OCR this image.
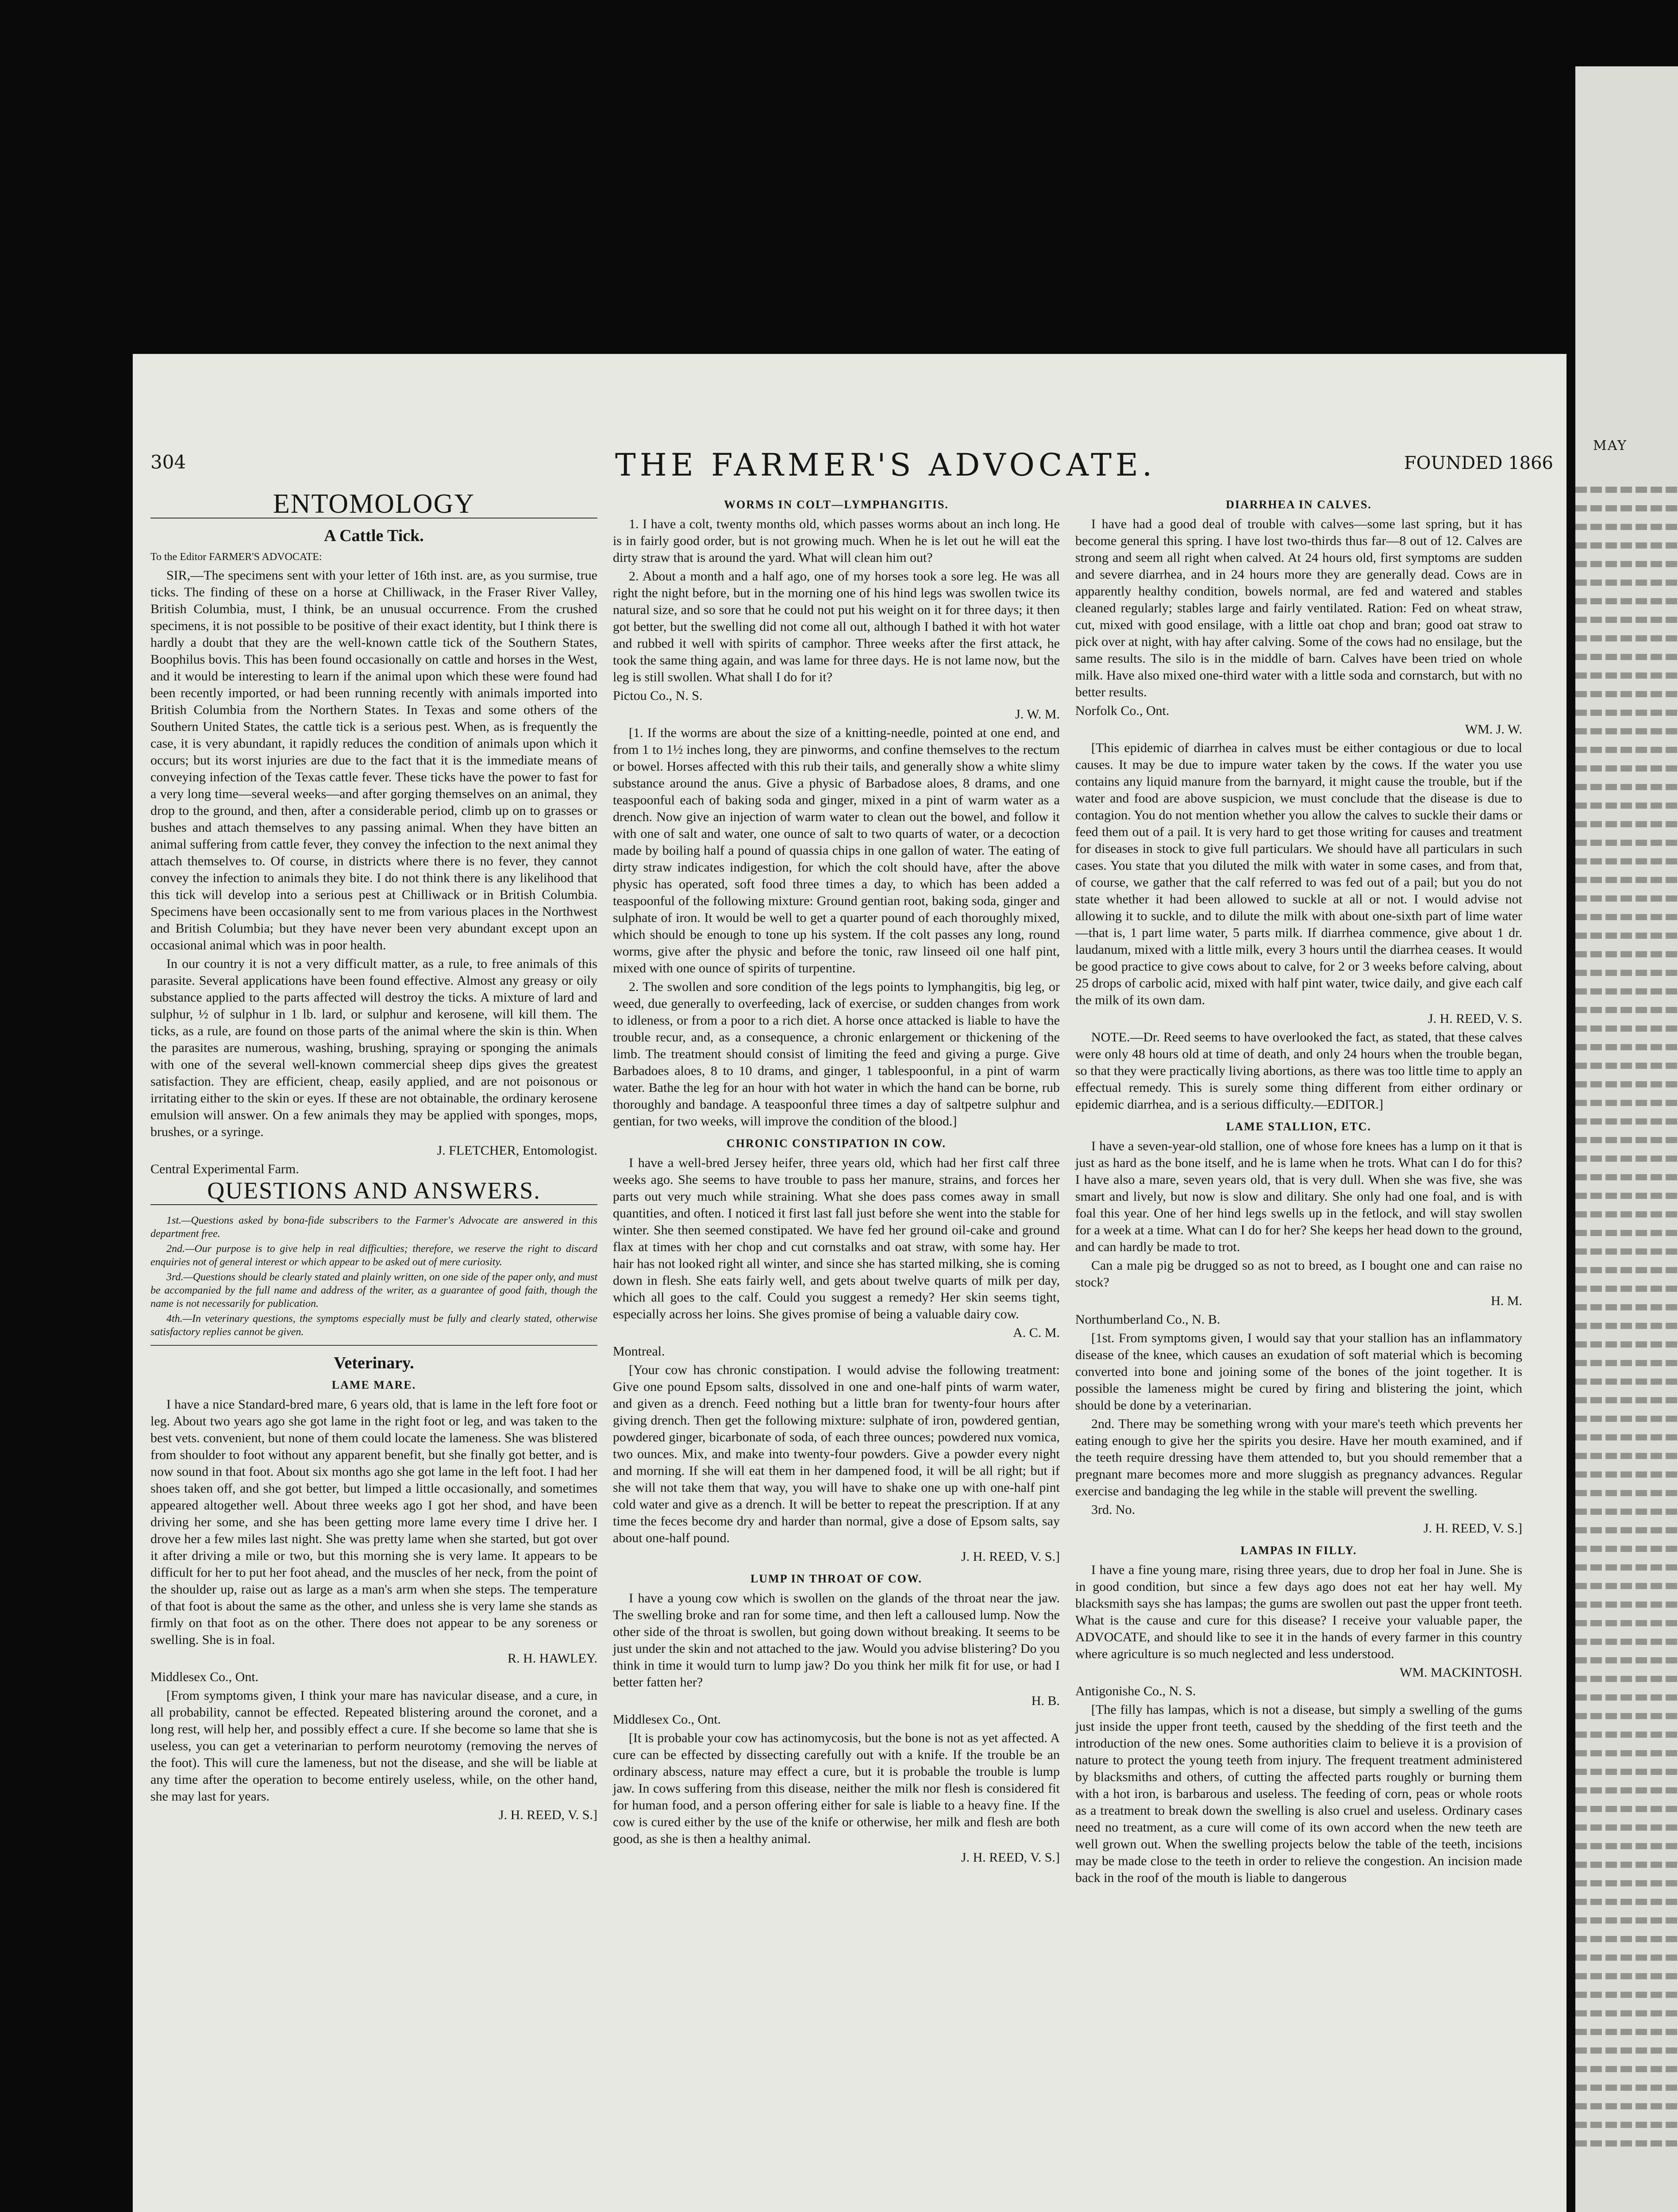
MAY
304	THE FARMER'S ADVOCATE.	FOUNDED 1866
ENTOMOLOGY
A Cattle Tick.

To the Editor FARMER'S ADVOCATE:

SIR,—The specimens sent with your letter of 16th inst. are, as you surmise, true ticks. The finding of these on a horse at Chilliwack, in the Fraser River Valley, British Columbia, must, I think, be an unusual occurrence. From the crushed specimens, it is not possible to be positive of their exact identity, but I think there is hardly a doubt that they are the well-known cattle tick of the Southern States, Boophilus bovis. This has been found occasionally on cattle and horses in the West, and it would be interesting to learn if the animal upon which these were found had been recently imported, or had been running recently with animals imported into British Columbia from the Northern States. In Texas and some others of the Southern United States, the cattle tick is a serious pest. When, as is frequently the case, it is very abundant, it rapidly reduces the condition of animals upon which it occurs; but its worst injuries are due to the fact that it is the immediate means of conveying infection of the Texas cattle fever. These ticks have the power to fast for a very long time—several weeks—and after gorging themselves on an animal, they drop to the ground, and then, after a considerable period, climb up on to grasses or bushes and attach themselves to any passing animal. When they have bitten an animal suffering from cattle fever, they convey the infection to the next animal they attach themselves to. Of course, in districts where there is no fever, they cannot convey the infection to animals they bite. I do not think there is any likelihood that this tick will develop into a serious pest at Chilliwack or in British Columbia. Specimens have been occasionally sent to me from various places in the Northwest and British Columbia; but they have never been very abundant except upon an occasional animal which was in poor health.

In our country it is not a very difficult matter, as a rule, to free animals of this parasite. Several applications have been found effective. Almost any greasy or oily substance applied to the parts affected will destroy the ticks. A mixture of lard and sulphur, ½ of sulphur in 1 lb. lard, or sulphur and kerosene, will kill them. The ticks, as a rule, are found on those parts of the animal where the skin is thin. When the parasites are numerous, washing, brushing, spraying or sponging the animals with one of the several well-known commercial sheep dips gives the greatest satisfaction. They are efficient, cheap, easily applied, and are not poisonous or irritating either to the skin or eyes. If these are not obtainable, the ordinary kerosene emulsion will answer. On a few animals they may be applied with sponges, mops, brushes, or a syringe.

J. FLETCHER, Entomologist.

Central Experimental Farm.

QUESTIONS AND ANSWERS.

1st.—Questions asked by bona-fide subscribers to the Farmer's Advocate are answered in this department free.

2nd.—Our purpose is to give help in real difficulties; therefore, we reserve the right to discard enquiries not of general interest or which appear to be asked out of mere curiosity.

3rd.—Questions should be clearly stated and plainly written, on one side of the paper only, and must be accompanied by the full name and address of the writer, as a guarantee of good faith, though the name is not necessarily for publication.

4th.—In veterinary questions, the symptoms especially must be fully and clearly stated, otherwise satisfactory replies cannot be given.

Veterinary.
LAME MARE.

I have a nice Standard-bred mare, 6 years old, that is lame in the left fore foot or leg. About two years ago she got lame in the right foot or leg, and was taken to the best vets. convenient, but none of them could locate the lameness. She was blistered from shoulder to foot without any apparent benefit, but she finally got better, and is now sound in that foot. About six months ago she got lame in the left foot. I had her shoes taken off, and she got better, but limped a little occasionally, and sometimes appeared altogether well. About three weeks ago I got her shod, and have been driving her some, and she has been getting more lame every time I drive her. I drove her a few miles last night. She was pretty lame when she started, but got over it after driving a mile or two, but this morning she is very lame. It appears to be difficult for her to put her foot ahead, and the muscles of her neck, from the point of the shoulder up, raise out as large as a man's arm when she steps. The temperature of that foot is about the same as the other, and unless she is very lame she stands as firmly on that foot as on the other. There does not appear to be any soreness or swelling. She is in foal.

R. H. HAWLEY.

Middlesex Co., Ont.

[From symptoms given, I think your mare has navicular disease, and a cure, in all probability, cannot be effected. Repeated blistering around the coronet, and a long rest, will help her, and possibly effect a cure. If she become so lame that she is useless, you can get a veterinarian to perform neurotomy (removing the nerves of the foot). This will cure the lameness, but not the disease, and she will be liable at any time after the operation to become entirely useless, while, on the other hand, she may last for years.

J. H. REED, V. S.]

WORMS IN COLT—LYMPHANGITIS.

1. I have a colt, twenty months old, which passes worms about an inch long. He is in fairly good order, but is not growing much. When he is let out he will eat the dirty straw that is around the yard. What will clean him out?

2. About a month and a half ago, one of my horses took a sore leg. He was all right the night before, but in the morning one of his hind legs was swollen twice its natural size, and so sore that he could not put his weight on it for three days; it then got better, but the swelling did not come all out, although I bathed it with hot water and rubbed it well with spirits of camphor. Three weeks after the first attack, he took the same thing again, and was lame for three days. He is not lame now, but the leg is still swollen. What shall I do for it?

Pictou Co., N. S.

J. W. M.

[1. If the worms are about the size of a knitting-needle, pointed at one end, and from 1 to 1½ inches long, they are pinworms, and confine themselves to the rectum or bowel. Horses affected with this rub their tails, and generally show a white slimy substance around the anus. Give a physic of Barbadose aloes, 8 drams, and one teaspoonful each of baking soda and ginger, mixed in a pint of warm water as a drench. Now give an injection of warm water to clean out the bowel, and follow it with one of salt and water, one ounce of salt to two quarts of water, or a decoction made by boiling half a pound of quassia chips in one gallon of water. The eating of dirty straw indicates indigestion, for which the colt should have, after the above physic has operated, soft food three times a day, to which has been added a teaspoonful of the following mixture: Ground gentian root, baking soda, ginger and sulphate of iron. It would be well to get a quarter pound of each thoroughly mixed, which should be enough to tone up his system. If the colt passes any long, round worms, give after the physic and before the tonic, raw linseed oil one half pint, mixed with one ounce of spirits of turpentine.

2. The swollen and sore condition of the legs points to lymphangitis, big leg, or weed, due generally to overfeeding, lack of exercise, or sudden changes from work to idleness, or from a poor to a rich diet. A horse once attacked is liable to have the trouble recur, and, as a consequence, a chronic enlargement or thickening of the limb. The treatment should consist of limiting the feed and giving a purge. Give Barbadoes aloes, 8 to 10 drams, and ginger, 1 tablespoonful, in a pint of warm water. Bathe the leg for an hour with hot water in which the hand can be borne, rub thoroughly and bandage. A teaspoonful three times a day of saltpetre sulphur and gentian, for two weeks, will improve the condition of the blood.]

CHRONIC CONSTIPATION IN COW.

I have a well-bred Jersey heifer, three years old, which had her first calf three weeks ago. She seems to have trouble to pass her manure, strains, and forces her parts out very much while straining. What she does pass comes away in small quantities, and often. I noticed it first last fall just before she went into the stable for winter. She then seemed constipated. We have fed her ground oil-cake and ground flax at times with her chop and cut cornstalks and oat straw, with some hay. Her hair has not looked right all winter, and since she has started milking, she is coming down in flesh. She eats fairly well, and gets about twelve quarts of milk per day, which all goes to the calf. Could you suggest a remedy? Her skin seems tight, especially across her loins. She gives promise of being a valuable dairy cow.

A. C. M.

Montreal.

[Your cow has chronic constipation. I would advise the following treatment: Give one pound Epsom salts, dissolved in one and one-half pints of warm water, and given as a drench. Feed nothing but a little bran for twenty-four hours after giving drench. Then get the following mixture: sulphate of iron, powdered gentian, powdered ginger, bicarbonate of soda, of each three ounces; powdered nux vomica, two ounces. Mix, and make into twenty-four powders. Give a powder every night and morning. If she will eat them in her dampened food, it will be all right; but if she will not take them that way, you will have to shake one up with one-half pint cold water and give as a drench. It will be better to repeat the prescription. If at any time the feces become dry and harder than normal, give a dose of Epsom salts, say about one-half pound.

J. H. REED, V. S.]

LUMP IN THROAT OF COW.

I have a young cow which is swollen on the glands of the throat near the jaw. The swelling broke and ran for some time, and then left a calloused lump. Now the other side of the throat is swollen, but going down without breaking. It seems to be just under the skin and not attached to the jaw. Would you advise blistering? Do you think in time it would turn to lump jaw? Do you think her milk fit for use, or had I better fatten her?

H. B.

Middlesex Co., Ont.

[It is probable your cow has actinomycosis, but the bone is not as yet affected. A cure can be effected by dissecting carefully out with a knife. If the trouble be an ordinary abscess, nature may effect a cure, but it is probable the trouble is lump jaw. In cows suffering from this disease, neither the milk nor flesh is considered fit for human food, and a person offering either for sale is liable to a heavy fine. If the cow is cured either by the use of the knife or otherwise, her milk and flesh are both good, as she is then a healthy animal.

J. H. REED, V. S.]

DIARRHEA IN CALVES.

I have had a good deal of trouble with calves—some last spring, but it has become general this spring. I have lost two-thirds thus far—8 out of 12. Calves are strong and seem all right when calved. At 24 hours old, first symptoms are sudden and severe diarrhea, and in 24 hours more they are generally dead. Cows are in apparently healthy condition, bowels normal, are fed and watered and stables cleaned regularly; stables large and fairly ventilated. Ration: Fed on wheat straw, cut, mixed with good ensilage, with a little oat chop and bran; good oat straw to pick over at night, with hay after calving. Some of the cows had no ensilage, but the same results. The silo is in the middle of barn. Calves have been tried on whole milk. Have also mixed one-third water with a little soda and cornstarch, but with no better results.

Norfolk Co., Ont.

WM. J. W.

[This epidemic of diarrhea in calves must be either contagious or due to local causes. It may be due to impure water taken by the cows. If the water you use contains any liquid manure from the barnyard, it might cause the trouble, but if the water and food are above suspicion, we must conclude that the disease is due to contagion. You do not mention whether you allow the calves to suckle their dams or feed them out of a pail. It is very hard to get those writing for causes and treatment for diseases in stock to give full particulars. We should have all particulars in such cases. You state that you diluted the milk with water in some cases, and from that, of course, we gather that the calf referred to was fed out of a pail; but you do not state whether it had been allowed to suckle at all or not. I would advise not allowing it to suckle, and to dilute the milk with about one-sixth part of lime water—that is, 1 part lime water, 5 parts milk. If diarrhea commence, give about 1 dr. laudanum, mixed with a little milk, every 3 hours until the diarrhea ceases. It would be good practice to give cows about to calve, for 2 or 3 weeks before calving, about 25 drops of carbolic acid, mixed with half pint water, twice daily, and give each calf the milk of its own dam.

J. H. REED, V. S.

NOTE.—Dr. Reed seems to have overlooked the fact, as stated, that these calves were only 48 hours old at time of death, and only 24 hours when the trouble began, so that they were practically living abortions, as there was too little time to apply an effectual remedy. This is surely some thing different from either ordinary or epidemic diarrhea, and is a serious difficulty.—EDITOR.]

LAME STALLION, ETC.

I have a seven-year-old stallion, one of whose fore knees has a lump on it that is just as hard as the bone itself, and he is lame when he trots. What can I do for this? I have also a mare, seven years old, that is very dull. When she was five, she was smart and lively, but now is slow and dilitary. She only had one foal, and is with foal this year. One of her hind legs swells up in the fetlock, and will stay swollen for a week at a time. What can I do for her? She keeps her head down to the ground, and can hardly be made to trot.

Can a male pig be drugged so as not to breed, as I bought one and can raise no stock?

H. M.

Northumberland Co., N. B.

[1st. From symptoms given, I would say that your stallion has an inflammatory disease of the knee, which causes an exudation of soft material which is becoming converted into bone and joining some of the bones of the joint together. It is possible the lameness might be cured by firing and blistering the joint, which should be done by a veterinarian.

2nd. There may be something wrong with your mare's teeth which prevents her eating enough to give her the spirits you desire. Have her mouth examined, and if the teeth require dressing have them attended to, but you should remember that a pregnant mare becomes more and more sluggish as pregnancy advances. Regular exercise and bandaging the leg while in the stable will prevent the swelling.

3rd. No.

J. H. REED, V. S.]

LAMPAS IN FILLY.

I have a fine young mare, rising three years, due to drop her foal in June. She is in good condition, but since a few days ago does not eat her hay well. My blacksmith says she has lampas; the gums are swollen out past the upper front teeth. What is the cause and cure for this disease? I receive your valuable paper, the ADVOCATE, and should like to see it in the hands of every farmer in this country where agriculture is so much neglected and less understood.

WM. MACKINTOSH.

Antigonishe Co., N. S.

[The filly has lampas, which is not a disease, but simply a swelling of the gums just inside the upper front teeth, caused by the shedding of the first teeth and the introduction of the new ones. Some authorities claim to believe it is a provision of nature to protect the young teeth from injury. The frequent treatment administered by blacksmiths and others, of cutting the affected parts roughly or burning them with a hot iron, is barbarous and useless. The feeding of corn, peas or whole roots as a treatment to break down the swelling is also cruel and useless. Ordinary cases need no treatment, as a cure will come of its own accord when the new teeth are well grown out. When the swelling projects below the table of the teeth, incisions may be made close to the teeth in order to relieve the congestion. An incision made back in the roof of the mouth is liable to dangerous
